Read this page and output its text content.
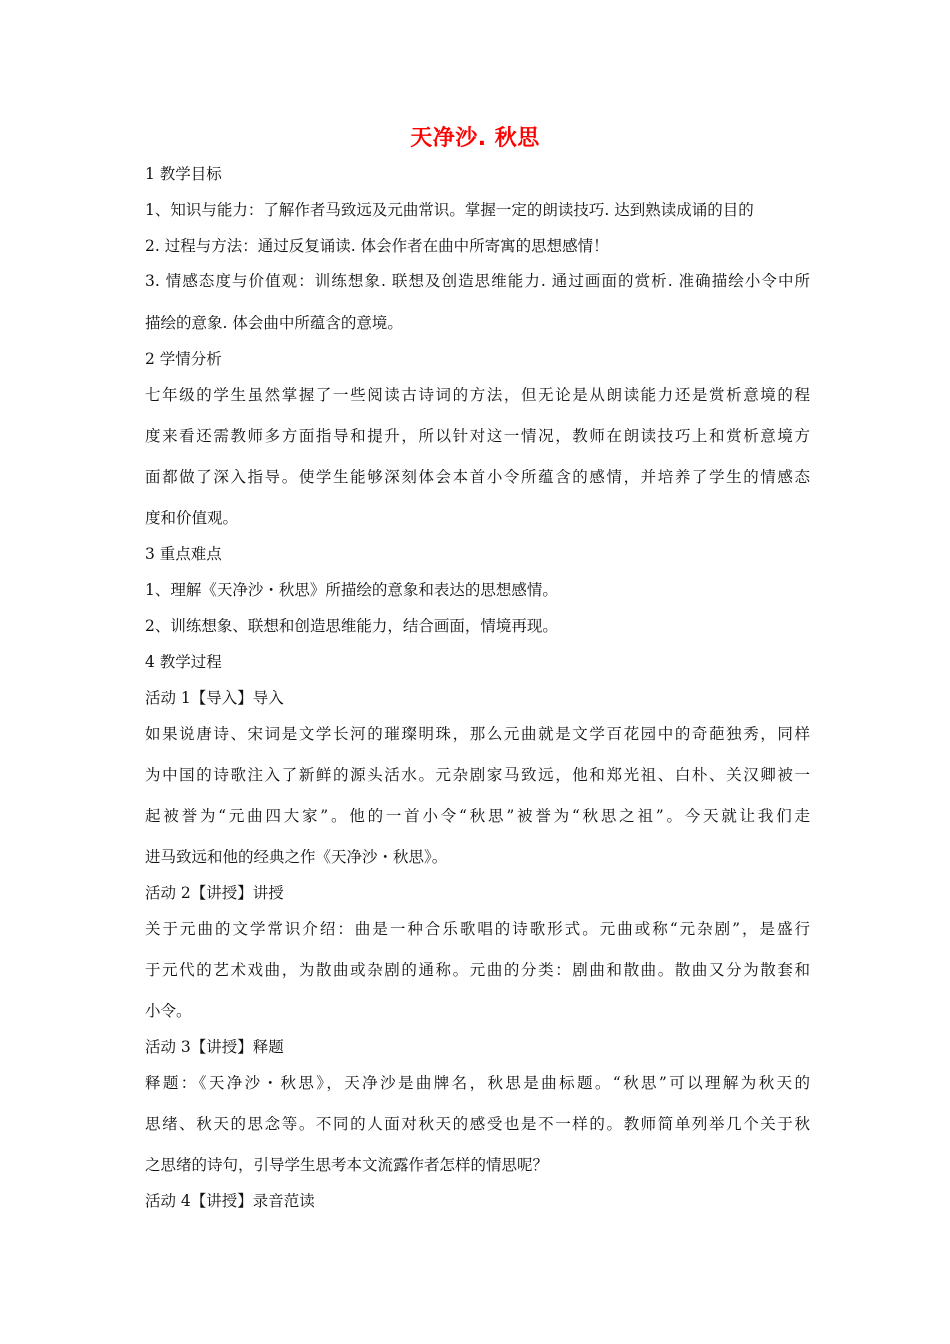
天净沙. 秋思
1 教学目标
1、知识与能力：了解作者马致远及元曲常识。掌握一定的朗读技巧. 达到熟读成诵的目的
2. 过程与方法：通过反复诵读. 体会作者在曲中所寄寓的思想感情！
3. 情感态度与价值观：训练想象. 联想及创造思维能力. 通过画面的赏析. 准确描绘小令中所
描绘的意象. 体会曲中所蕴含的意境。
2 学情分析
七年级的学生虽然掌握了一些阅读古诗词的方法，但无论是从朗读能力还是赏析意境的程
度来看还需教师多方面指导和提升，所以针对这一情况，教师在朗读技巧上和赏析意境方
面都做了深入指导。使学生能够深刻体会本首小令所蕴含的感情，并培养了学生的情感态
度和价值观。
3 重点难点
1、理解《天净沙・秋思》所描绘的意象和表达的思想感情。
2、训练想象、联想和创造思维能力，结合画面，情境再现。
4 教学过程
活动 1【导入】导入
如果说唐诗、宋词是文学长河的璀璨明珠，那么元曲就是文学百花园中的奇葩独秀，同样
为中国的诗歌注入了新鲜的源头活水。元杂剧家马致远，他和郑光祖、白朴、关汉卿被一
起被誉为“元曲四大家”。他的一首小令“秋思”被誉为“秋思之祖”。今天就让我们走
进马致远和他的经典之作《天净沙・秋思》。
活动 2【讲授】讲授
关于元曲的文学常识介绍：曲是一种合乐歌唱的诗歌形式。元曲或称“元杂剧”，是盛行
于元代的艺术戏曲，为散曲或杂剧的通称。元曲的分类：剧曲和散曲。散曲又分为散套和
小令。
活动 3【讲授】释题
释题：《天净沙・秋思》，天净沙是曲牌名，秋思是曲标题。“秋思”可以理解为秋天的
思绪、秋天的思念等。不同的人面对秋天的感受也是不一样的。教师简单列举几个关于秋
之思绪的诗句，引导学生思考本文流露作者怎样的情思呢？
活动 4【讲授】录音范读
